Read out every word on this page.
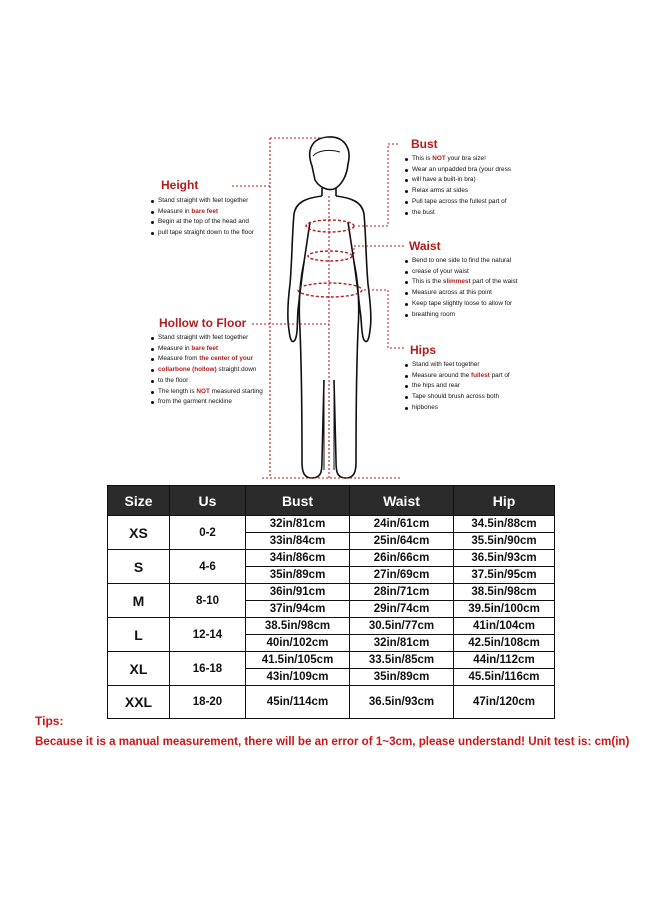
Bust

This is NOT your bra size!
Wear an unpadded bra (your dress
will have a built-in bra)
Relax arms at sides
Pull tape across the fullest part of
the bust

Height

Stand straight with feet together
Measure in bare feet
Begin at the top of the head and
pull tape straight down to the floor

Waist

Bend to one side to find the natural
crease of your waist
This is the slimmest part of the waist
Measure across at this point
Keep tape slightly loose to allow for
breathing room

Hollow to Floor

Stand straight with feet together
Measure in bare feet
Measure from the center of your
collarbone (hollow) straight down
to the floor
The length is NOT measured starting
from the garment neckline

Hips

Stand with feet together
Measure around the fullest part of
the hips and rear
Tape should brush across both
hipbones
Size	Us	Bust	Waist	Hip
XS	0-2	32in/81cm	24in/61cm	34.5in/88cm
		33in/84cm	25in/64cm	35.5in/90cm
S	4-6	34in/86cm	26in/66cm	36.5in/93cm
		35in/89cm	27in/69cm	37.5in/95cm
M	8-10	36in/91cm	28in/71cm	38.5in/98cm
		37in/94cm	29in/74cm	39.5in/100cm
L	12-14	38.5in/98cm	30.5in/77cm	41in/104cm
		40in/102cm	32in/81cm	42.5in/108cm
XL	16-18	41.5in/105cm	33.5in/85cm	44in/112cm
		43in/109cm	35in/89cm	45.5in/116cm
XXL	18-20	45in/114cm	36.5in/93cm	47in/120cm

Tips:

Because it is a manual measurement, there will be an error of 1~3cm, please understand! Unit test is: cm(in)
